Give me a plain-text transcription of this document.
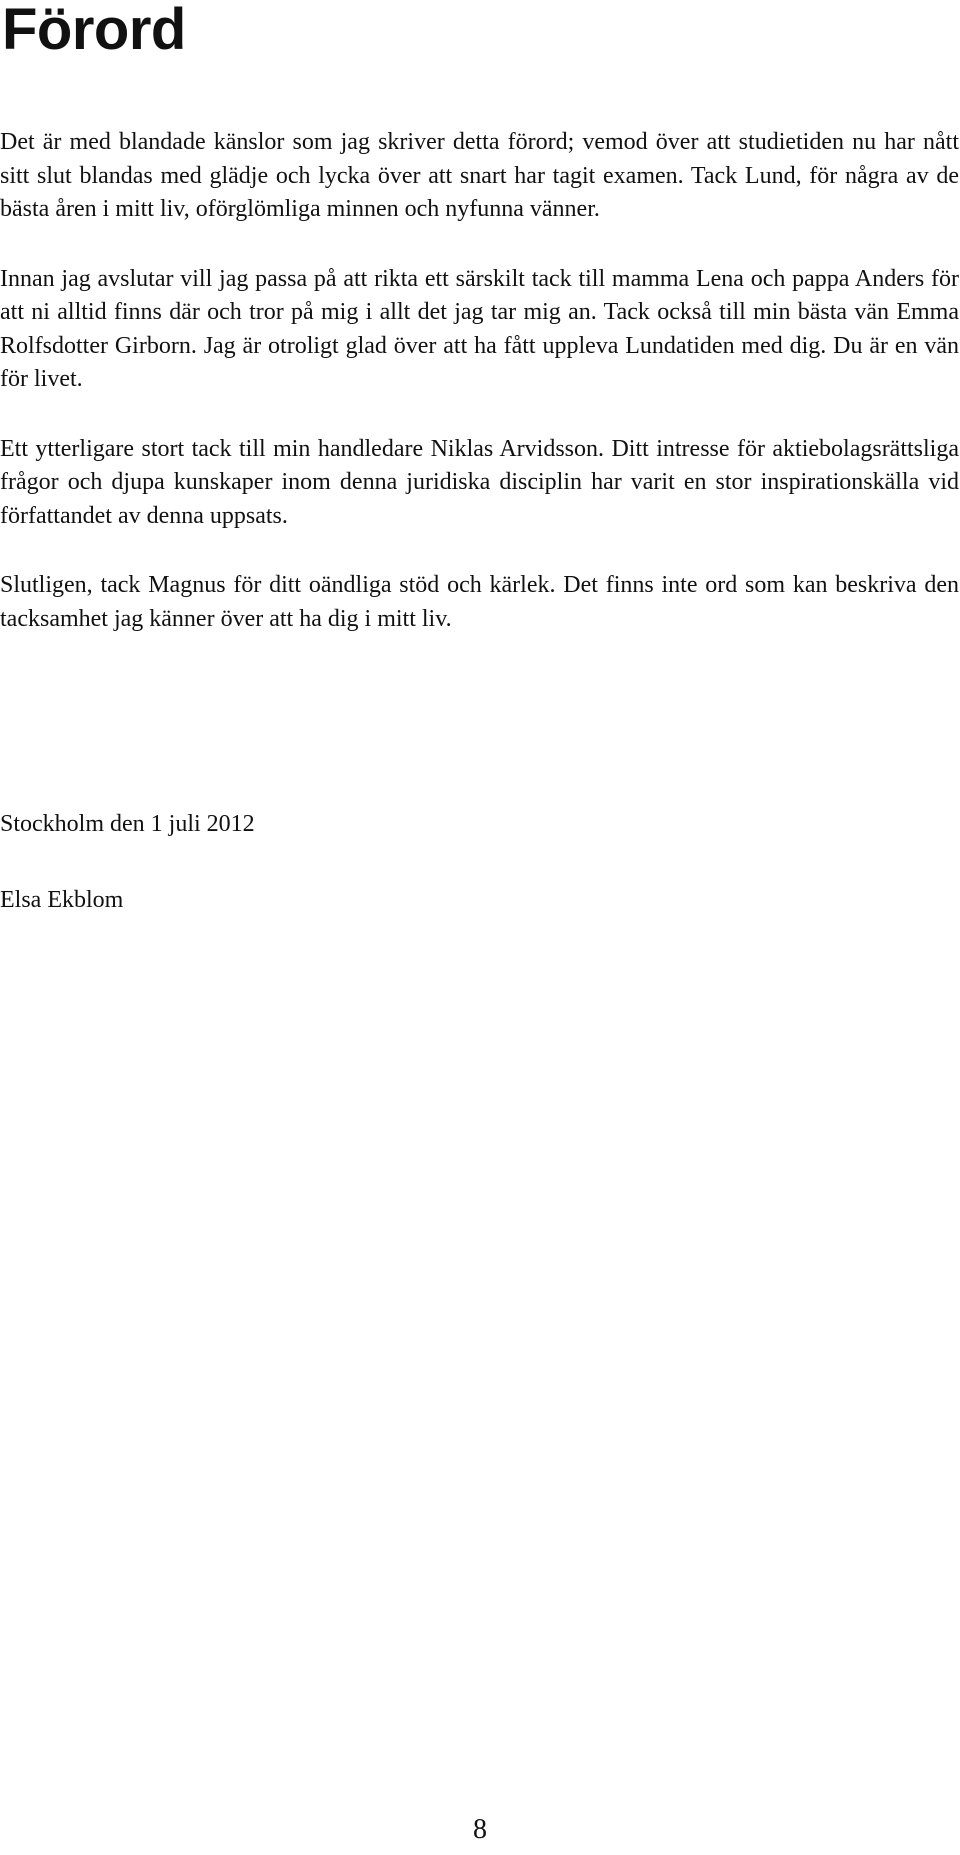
Förord

Det är med blandade känslor som jag skriver detta förord; vemod över att studietiden nu har nått sitt slut blandas med glädje och lycka över att snart har tagit examen. Tack Lund, för några av de bästa åren i mitt liv, oförglömliga minnen och nyfunna vänner.

Innan jag avslutar vill jag passa på att rikta ett särskilt tack till mamma Lena och pappa Anders för att ni alltid finns där och tror på mig i allt det jag tar mig an. Tack också till min bästa vän Emma Rolfsdotter Girborn. Jag är otroligt glad över att ha fått uppleva Lundatiden med dig. Du är en vän för livet.

Ett ytterligare stort tack till min handledare Niklas Arvidsson. Ditt intresse för aktiebolagsrättsliga frågor och djupa kunskaper inom denna juridiska disciplin har varit en stor inspirationskälla vid författandet av denna uppsats.

Slutligen, tack Magnus för ditt oändliga stöd och kärlek. Det finns inte ord som kan beskriva den tacksamhet jag känner över att ha dig i mitt liv.

Stockholm den 1 juli 2012

Elsa Ekblom

8
